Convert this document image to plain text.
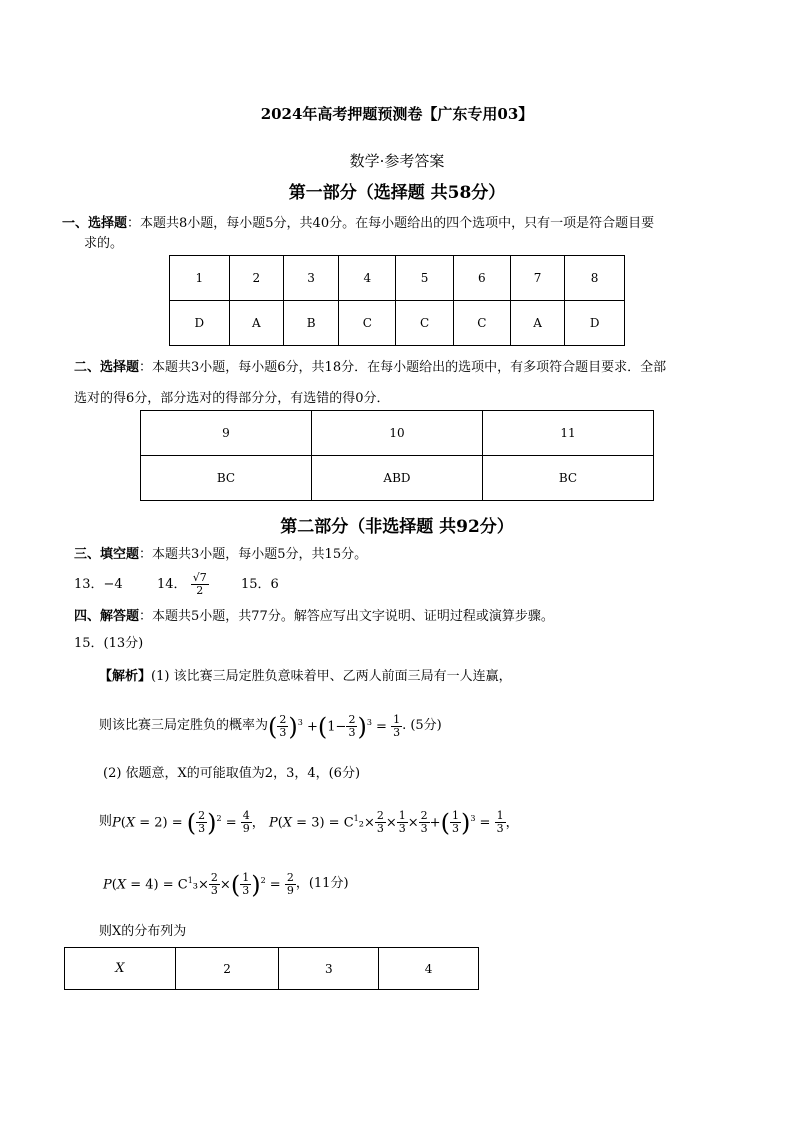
2024年高考押题预测卷【广东专用03】
数学·参考答案
第一部分（选择题 共58分）
一、选择题：本题共8小题，每小题5分，共40分。在每小题给出的四个选项中，只有一项是符合题目要
求的。
1	2	3	4	5	6	7	8
D	A	B	C	C	C	A	D
二、选择题：本题共3小题，每小题6分，共18分．在每小题给出的选项中，有多项符合题目要求．全部
选对的得6分，部分选对的得部分分，有选错的得0分．
9	10	11
BC	ABD	BC
第二部分（非选择题 共92分）
三、填空题：本题共3小题，每小题5分，共15分。
13．−4	14． $\frac{√7}{2} 15$．6
四、解答题：本题共5小题，共77分。解答应写出文字说明、证明过程或演算步骤。
15．(13分)
【解析】(1) 该比赛三局定胜负意味着甲、乙两人前面三局有一人连赢，
则该比赛三局定胜负的概率为 ( $\frac{2}{3} )^3 +(1- \frac{2}{3} )^3 = \frac{1}{3}$ . (5分)
(2) 依题意，X的可能取值为2，3，4，(6分)
则 P(X = 2) = ( $\frac{2}{3} )^2 = \frac{4}{9}$ ， $P(X = 3) = C^1_2\times \frac{2}{3} \times \frac{1}{3} \times \frac{2}{3}$ +( $\frac{1}{3} )^3 = \frac{1}{3}$ ，
$P(X = 4) = C^1_3\times \frac{2}{3}$ ×( $\frac{1}{3} )^2 = \frac{2}{9}$ ，(11分)
则X的分布列为
X	2	3	4
